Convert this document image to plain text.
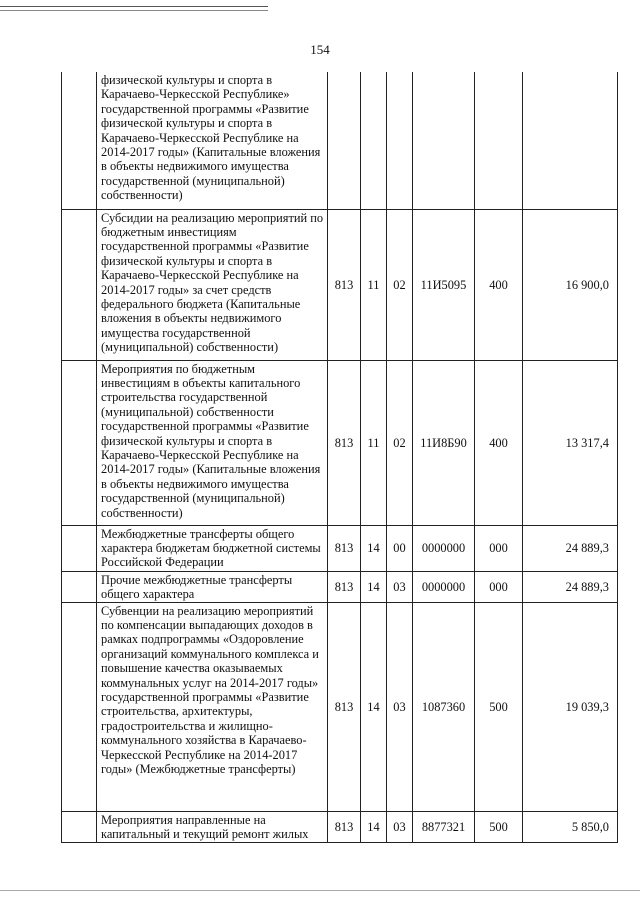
154
	физической культуры и спорта в Карачаево-Черкесской Республике» государственной программы «Развитие физической культуры и спорта в Карачаево-Черкесской Республике на 2014-2017 годы» (Капитальные вложения в объекты недвижимого имущества государственной (муниципальной) собственности)						
	Субсидии на реализацию мероприятий по бюджетным инвестициям государственной программы «Развитие физической культуры и спорта в Карачаево-Черкесской Республике на 2014-2017 годы» за счет средств федерального бюджета (Капитальные вложения в объекты недвижимого имущества государственной (муниципальной) собственности)	813	11	02	11И5095	400	16 900,0
	Мероприятия по бюджетным инвестициям в объекты капитального строительства государственной (муниципальной) собственности государственной программы «Развитие физической культуры и спорта в Карачаево-Черкесской Республике на 2014-2017 годы» (Капитальные вложения в объекты недвижимого имущества государственной (муниципальной) собственности)	813	11	02	11И8Б90	400	13 317,4
	Межбюджетные трансферты общего характера бюджетам бюджетной системы Российской Федерации	813	14	00	0000000	000	24 889,3
	Прочие межбюджетные трансферты общего характера	813	14	03	0000000	000	24 889,3
	Субвенции на реализацию мероприятий по компенсации выпадающих доходов в рамках подпрограммы «Оздоровление организаций коммунального комплекса и повышение качества оказываемых коммунальных услуг на 2014-2017 годы» государственной программы «Развитие строительства, архитектуры, градостроительства и жилищно-коммунального хозяйства в Карачаево-Черкесской Республике на 2014-2017 годы» (Межбюджетные трансферты)	813	14	03	1087360	500	19 039,3
	Мероприятия направленные на капитальный и текущий ремонт жилых	813	14	03	8877321	500	5 850,0
